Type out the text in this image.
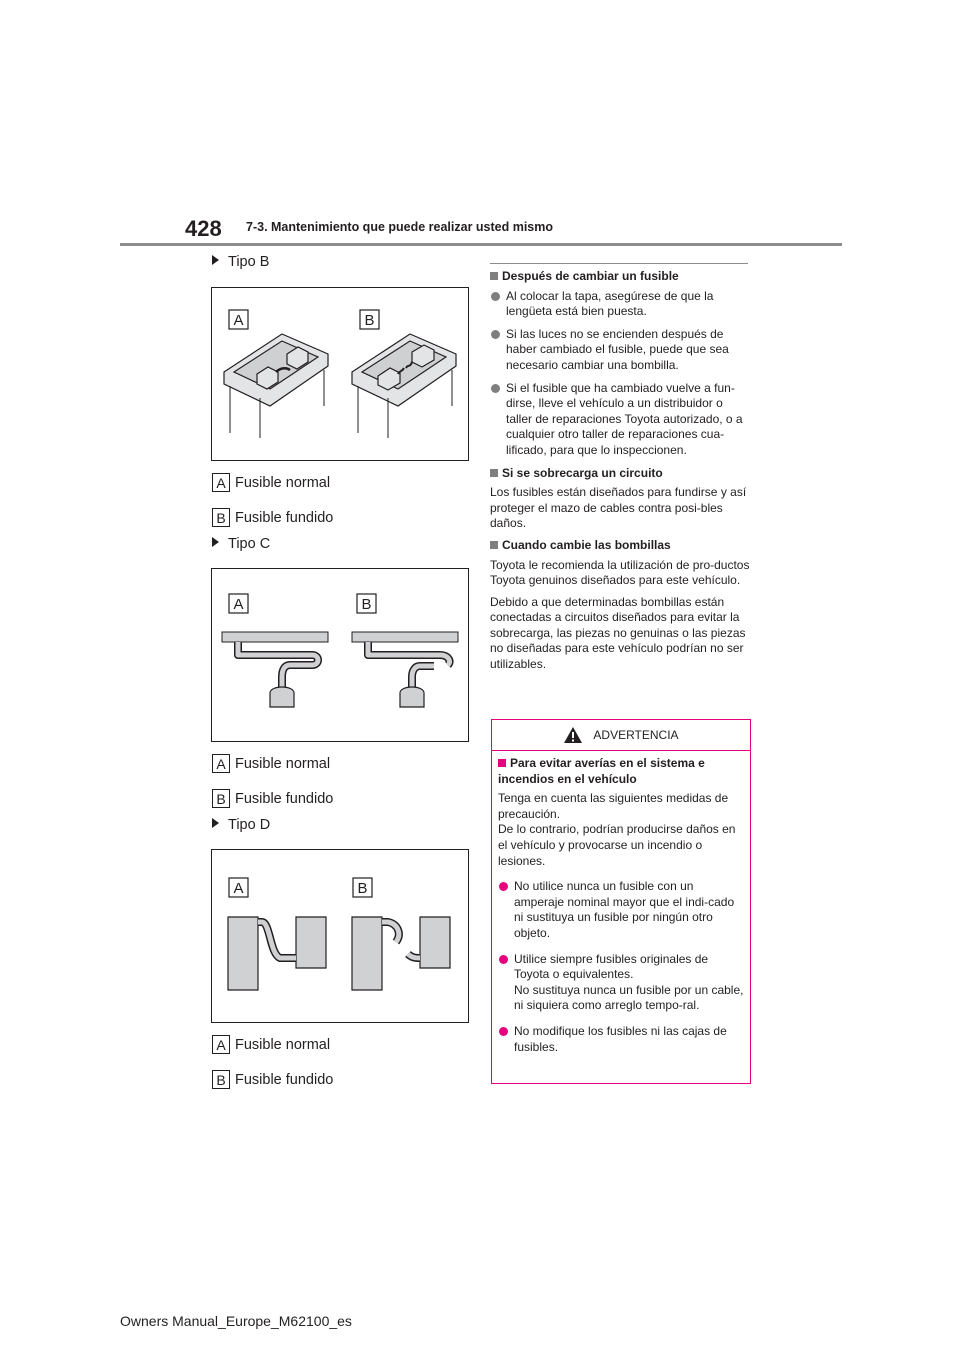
428 7-3. Mantenimiento que puede realizar usted mismo
Tipo B
A	B
A Fusible normal
B Fusible fundido
Tipo C
A	B
A Fusible normal
B Fusible fundido
Tipo D
A	B
A Fusible normal
B Fusible fundido
Después de cambiar un fusible
Al colocar la tapa, asegúrese de que la lengüeta está bien puesta.
Si las luces no se encienden después de haber cambiado el fusible, puede que sea necesario cambiar una bombilla.
Si el fusible que ha cambiado vuelve a fun-dirse, lleve el vehículo a un distribuidor o taller de reparaciones Toyota autorizado, o a cualquier otro taller de reparaciones cua-lificado, para que lo inspeccionen.
Si se sobrecarga un circuito
Los fusibles están diseñados para fundirse y así proteger el mazo de cables contra posi-bles daños.
Cuando cambie las bombillas
Toyota le recomienda la utilización de pro-ductos Toyota genuinos diseñados para este vehículo.
Debido a que determinadas bombillas están conectadas a circuitos diseñados para evitar la sobrecarga, las piezas no genuinas o las piezas no diseñadas para este vehículo podrían no ser utilizables.
ADVERTENCIA
Para evitar averías en el sistema e incendios en el vehículo
Tenga en cuenta las siguientes medidas de precaución.
De lo contrario, podrían producirse daños en el vehículo y provocarse un incendio o lesiones.
No utilice nunca un fusible con un amperaje nominal mayor que el indi-cado ni sustituya un fusible por ningún otro objeto.
Utilice siempre fusibles originales de Toyota o equivalentes.
No sustituya nunca un fusible por un cable, ni siquiera como arreglo tempo-ral.
No modifique los fusibles ni las cajas de fusibles.
Owners Manual_Europe_M62100_es
